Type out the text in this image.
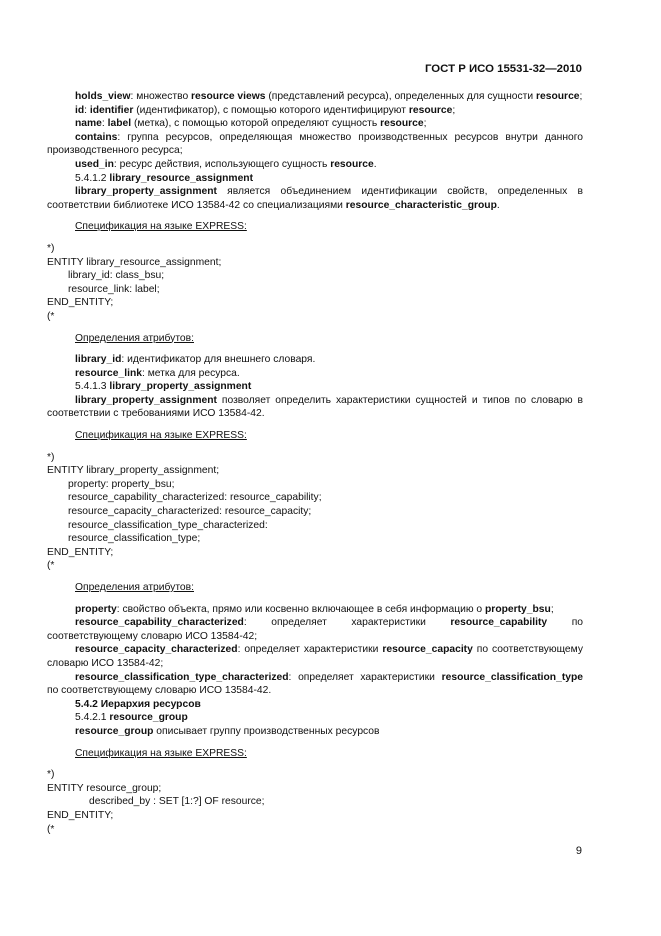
ГОСТ Р ИСО 15531-32—2010

holds_view: множество resource views (представлений ресурса), определенных для сущности resource;

id: identifier (идентификатор), с помощью которого идентифицируют resource;

name: label (метка), с помощью которой определяют сущность resource;

contains: группа ресурсов, определяющая множество производственных ресурсов внутри данного производственного ресурса;

used_in: ресурс действия, использующего сущность resource.

5.4.1.2 library_resource_assignment

library_property_assignment является объединением идентификации свойств, определенных в соответствии библиотеке ИСО 13584-42 со специализациями resource_characteristic_group.

Спецификация на языке EXPRESS:

*)

ENTITY library_resource_assignment;

library_id: class_bsu;

resource_link: label;

END_ENTITY;

(*

Определения атрибутов:

library_id: идентификатор для внешнего словаря.

resource_link: метка для ресурса.

5.4.1.3 library_property_assignment

library_property_assignment позволяет определить характеристики сущностей и типов по словарю в соответствии с требованиями ИСО 13584-42.

Спецификация на языке EXPRESS:

*)

ENTITY library_property_assignment;

property: property_bsu;

resource_capability_characterized: resource_capability;

resource_capacity_characterized: resource_capacity;

resource_classification_type_characterized:

resource_classification_type;

END_ENTITY;

(*

Определения атрибутов:

property: свойство объекта, прямо или косвенно включающее в себя информацию о property_bsu;

resource_capability_characterized: определяет характеристики resource_capability по соответствующему словарю ИСО 13584-42;

resource_capacity_characterized: определяет характеристики resource_capacity по соответствующему словарю ИСО 13584-42;

resource_classification_type_characterized: определяет характеристики resource_classification_type по соответствующему словарю ИСО 13584-42.

5.4.2 Иерархия ресурсов

5.4.2.1 resource_group

resource_group описывает группу производственных ресурсов

Спецификация на языке EXPRESS:

*)

ENTITY resource_group;

described_by : SET [1:?] OF resource;

END_ENTITY;

(*

9
